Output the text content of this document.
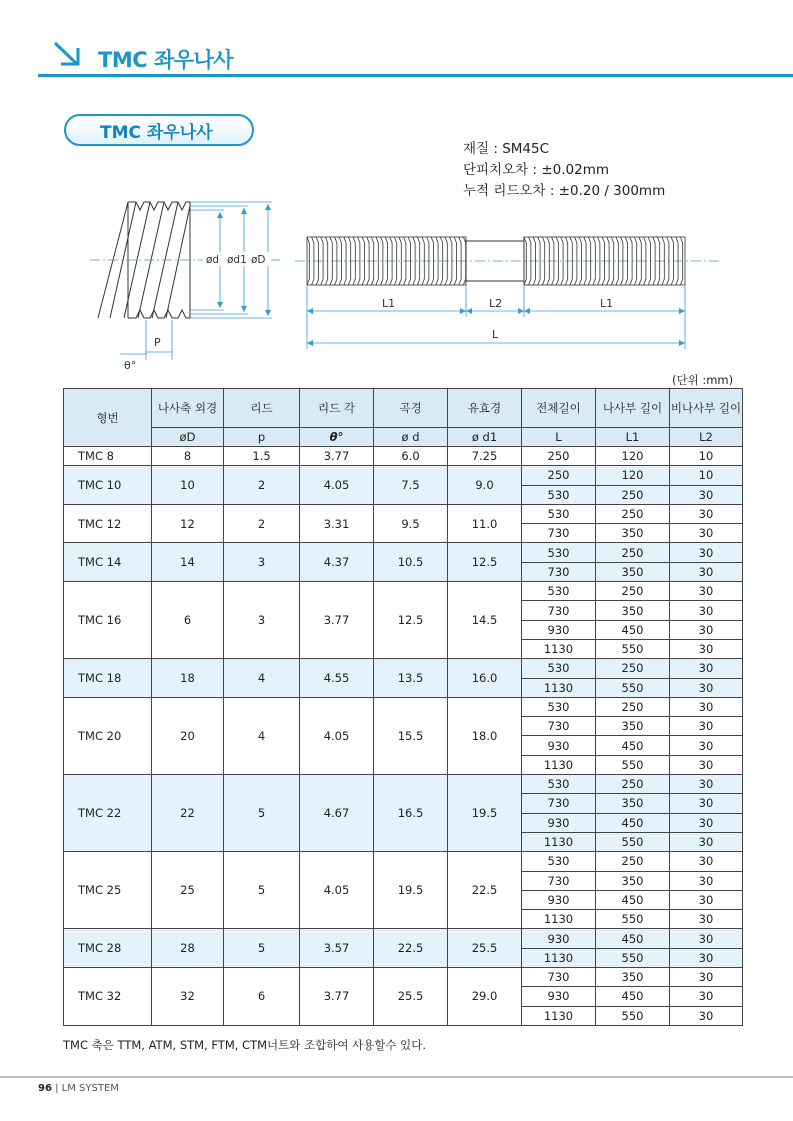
TMC 좌우나사
TMC 좌우나사
재질 : SM45C
단피치오차 : ±0.02mm
누적 리드오차 : ±0.20 / 300mm
ød ød1 øD
P
θ°
L1	L2	L1
L
(단위 :mm)
형번	나사축 외경	리드	리드 각	곡경	유효경	전체길이	나사부 길이	비나사부 길이
	øD	p	θ°	ø d	ø d1	L	L1	L2
TMC 8	8	1.5	3.77	6.0	7.25	250	120	10
TMC 10	10	2	4.05	7.5	9.0	250	120	10
						530	250	30
TMC 12	12	2	3.31	9.5	11.0	530	250	30
						730	350	30
TMC 14	14	3	4.37	10.5	12.5	530	250	30
						730	350	30
TMC 16	6	3	3.77	12.5	14.5	530	250	30
						730	350	30
						930	450	30
						1130	550	30
TMC 18	18	4	4.55	13.5	16.0	530	250	30
						1130	550	30
TMC 20	20	4	4.05	15.5	18.0	530	250	30
						730	350	30
						930	450	30
						1130	550	30
TMC 22	22	5	4.67	16.5	19.5	530	250	30
						730	350	30
						930	450	30
						1130	550	30
TMC 25	25	5	4.05	19.5	22.5	530	250	30
						730	350	30
						930	450	30
						1130	550	30
TMC 28	28	5	3.57	22.5	25.5	930	450	30
						1130	550	30
TMC 32	32	6	3.77	25.5	29.0	730	350	30
						930	450	30
						1130	550	30
TMC 축은 TTM, ATM, STM, FTM, CTM너트와 조합하여 사용할수 있다.
96 | LM SYSTEM
